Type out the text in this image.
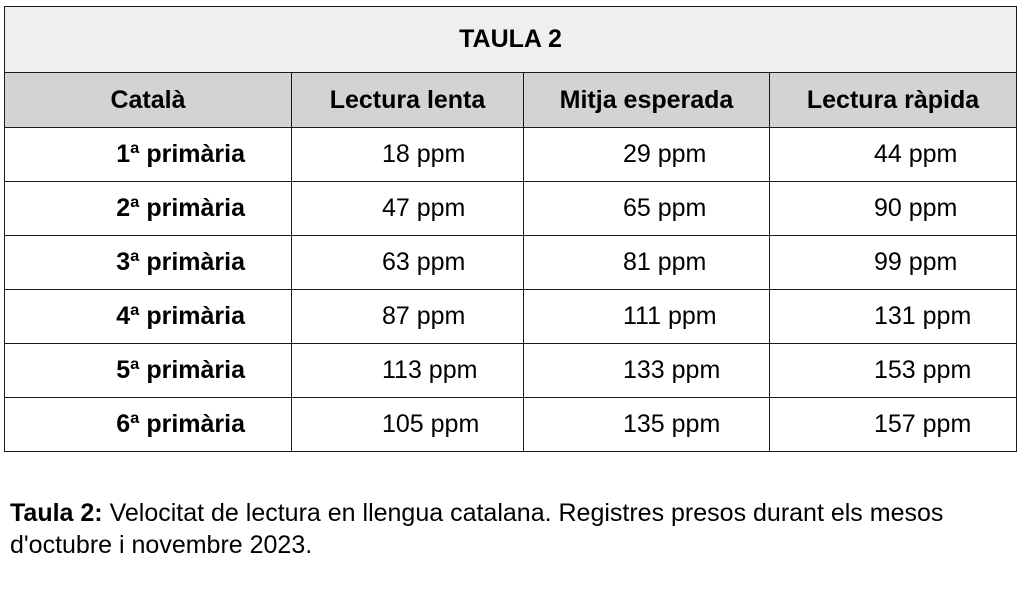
TAULA 2			
Català	Lectura lenta	Mitja esperada	Lectura ràpida
1ª primària	18 ppm	29 ppm	44 ppm
2ª primària	47 ppm	65 ppm	90 ppm
3ª primària	63 ppm	81 ppm	99 ppm
4ª primària	87 ppm	111 ppm	131 ppm
5ª primària	113 ppm	133 ppm	153 ppm
6ª primària	105 ppm	135 ppm	157 ppm
Taula 2: Velocitat de lectura en llengua catalana. Registres presos durant els mesos d'octubre i novembre 2023.
